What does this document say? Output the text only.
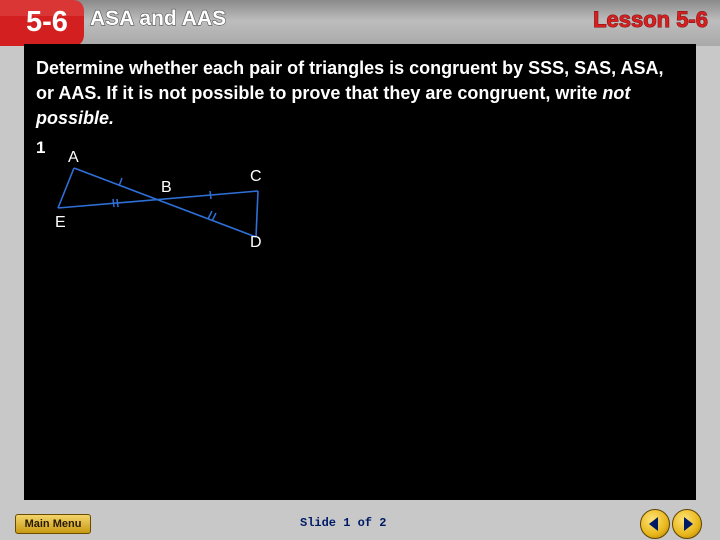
5-6 ASA and AAS	Lesson 5-6
Determine whether each pair of triangles is congruent by SSS, SAS, ASA, or AAS. If it is not possible to prove that they are congruent, write not possible.
1
A
B
C
D
E
Main Menu	Slide 1 of 2
